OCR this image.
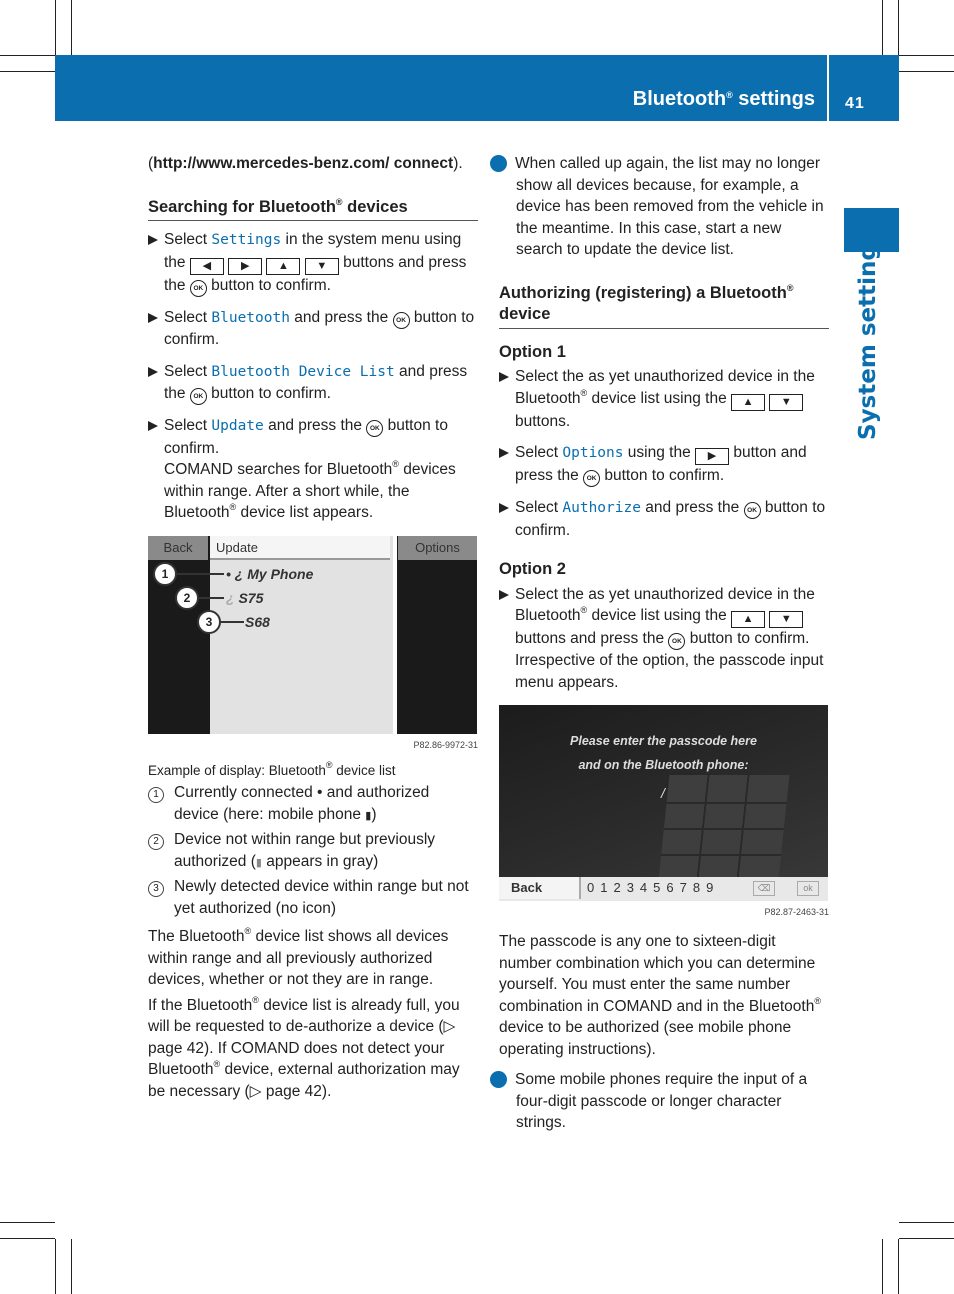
Bluetooth® settings 41
System settings

(http://www.mercedes-benz.com/ connect).

Searching for Bluetooth® devices

Select Settings in the system menu using the ◀	▶	▲ ▼ buttons and press the OK button to confirm.

Select Bluetooth and press the OK button to confirm.

Select Bluetooth Device List and press the OK button to confirm.

Select Update and press the OK button to confirm.
COMAND searches for Bluetooth® devices within range. After a short while, the Bluetooth® device list appears.

Back	Update	Options
1
2
3
• ¿ My Phone
¿ S75
S68
P82.86-9972-31

Example of display: Bluetooth® device list

1 Currently connected • and authorized device (here: mobile phone ▮)

2 Device not within range but previously authorized (▮ appears in gray)

3 Newly detected device within range but not yet authorized (no icon)

The Bluetooth® device list shows all devices within range and all previously authorized devices, whether or not they are in range.

If the Bluetooth® device list is already full, you will be requested to de-authorize a device (▷ page 42). If COMAND does not detect your Bluetooth® device, external authorization may be necessary (▷ page 42).

i When called up again, the list may no longer show all devices because, for example, a device has been removed from the vehicle in the meantime. In this case, start a new search to update the device list.

Authorizing (registering) a Bluetooth® device

Option 1

Select the as yet unauthorized device in the Bluetooth® device list using the ▲ ▼ buttons.

Select Options using the ▶ button and press the OK button to confirm.

Select Authorize and press the OK button to confirm.

Option 2

Select the as yet unauthorized device in the Bluetooth® device list using the ▲ ▼ buttons and press the OK button to confirm.
Irrespective of the option, the passcode input menu appears.

Please enter the passcode here
and on the Bluetooth phone:
/
Back	0123456789	⌫	ok
P82.87-2463-31

The passcode is any one to sixteen-digit number combination which you can determine yourself. You must enter the same number combination in COMAND and in the Bluetooth® device to be authorized (see mobile phone operating instructions).

i Some mobile phones require the input of a four-digit passcode or longer character strings.
